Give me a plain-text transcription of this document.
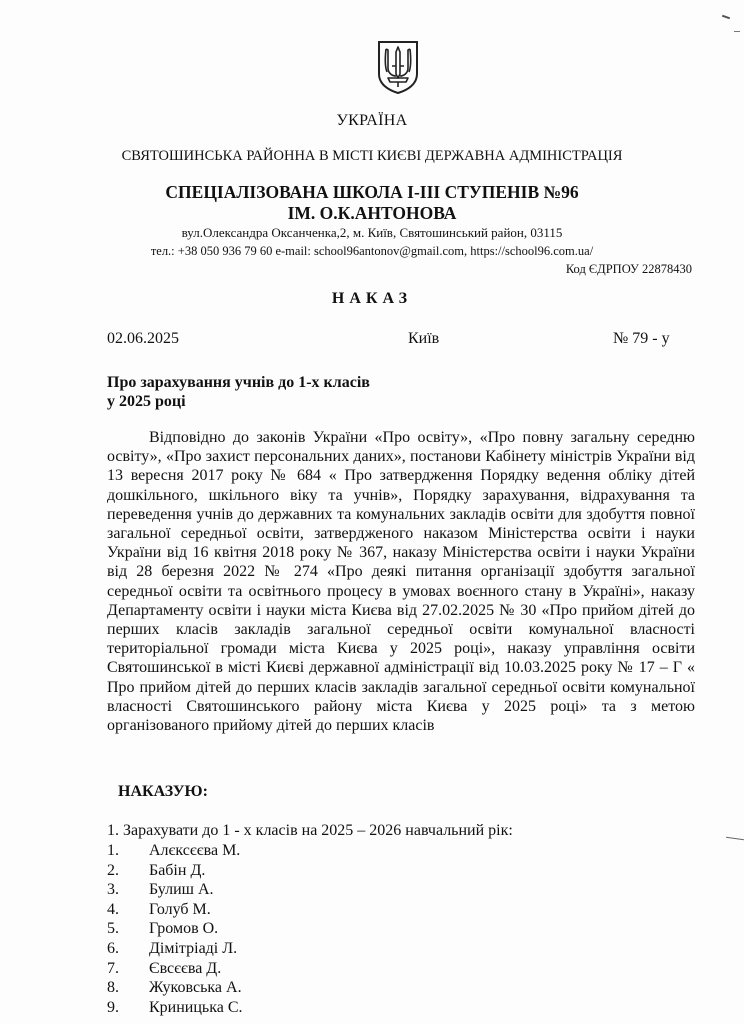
УКРАЇНА
СВЯТОШИНСЬКА РАЙОННА В МІСТІ КИЄВІ ДЕРЖАВНА АДМІНІСТРАЦІЯ
СПЕЦІАЛІЗОВАНА ШКОЛА І-ІІІ СТУПЕНІВ №96
ІМ. О.К.АНТОНОВА
вул.Олександра Оксанченка,2, м. Київ, Святошинський район, 03115
тел.: +38 050 936 79 60 e-mail: school96antonov@gmail.com, https://school96.com.ua/
Код ЄДРПОУ 22878430
НАКАЗ
02.06.2025	Київ	№ 79 - у
Про зарахування учнів до 1-х класів
у 2025 році
Відповідно до законів України «Про освіту», «Про повну загальну середню освіту», «Про захист персональних даних», постанови Кабінету міністрів України від 13 вересня 2017 року № 684 « Про затвердження Порядку ведення обліку дітей дошкільного, шкільного віку та учнів», Порядку зарахування, відрахування та переведення учнів до державних та комунальних закладів освіти для здобуття повної загальної середньої освіти, затвердженого наказом Міністерства освіти і науки України від 16 квітня 2018 року № 367, наказу Міністерства освіти і науки України від 28 березня 2022 № 274 «Про деякі питання організації здобуття загальної середньої освіти та освітнього процесу в умовах воєнного стану в Україні», наказу Департаменту освіти і науки міста Києва від 27.02.2025 № 30 «Про прийом дітей до перших класів закладів загальної середньої освіти комунальної власності територіальної громади міста Києва у 2025 році», наказу управління освіти Святошинської в місті Києві державної адміністрації від 10.03.2025 року № 17 – Г « Про прийом дітей до перших класів закладів загальної середньої освіти комунальної власності Святошинського району міста Києва у 2025 році» та з метою організованого прийому дітей до перших класів
НАКАЗУЮ:
1. Зарахувати до 1 - х класів на 2025 – 2026 навчальний рік:
1. Алєксєєва М.
2. Бабін Д.
3. Булиш А.
4. Голуб М.
5. Громов О.
6. Дімітріаді Л.
7. Євсєєва Д.
8. Жуковська А.
9. Криницька С.
